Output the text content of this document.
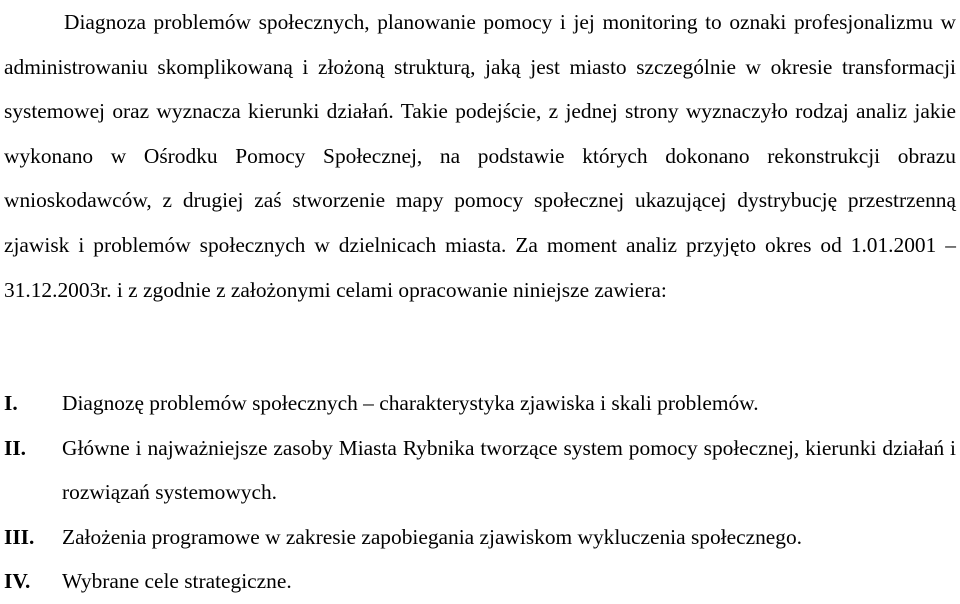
Diagnoza problemów społecznych, planowanie pomocy i jej monitoring to oznaki profesjonalizmu w administrowaniu skomplikowaną i złożoną strukturą, jaką jest miasto szczególnie w okresie transformacji systemowej oraz wyznacza kierunki działań. Takie podejście, z jednej strony wyznaczyło rodzaj analiz jakie wykonano w Ośrodku Pomocy Społecznej, na podstawie których dokonano rekonstrukcji obrazu wnioskodawców, z drugiej zaś stworzenie mapy pomocy społecznej ukazującej dystrybucję przestrzenną zjawisk i problemów społecznych w dzielnicach miasta. Za moment analiz przyjęto okres od 1.01.2001 – 31.12.2003r. i z zgodnie z założonymi celami opracowanie niniejsze zawiera:

I. Diagnozę problemów społecznych – charakterystyka zjawiska i skali problemów.
II. Główne i najważniejsze zasoby Miasta Rybnika tworzące system pomocy społecznej, kierunki działań i rozwiązań systemowych.
III. Założenia programowe w zakresie zapobiegania zjawiskom wykluczenia społecznego.
IV. Wybrane cele strategiczne.
